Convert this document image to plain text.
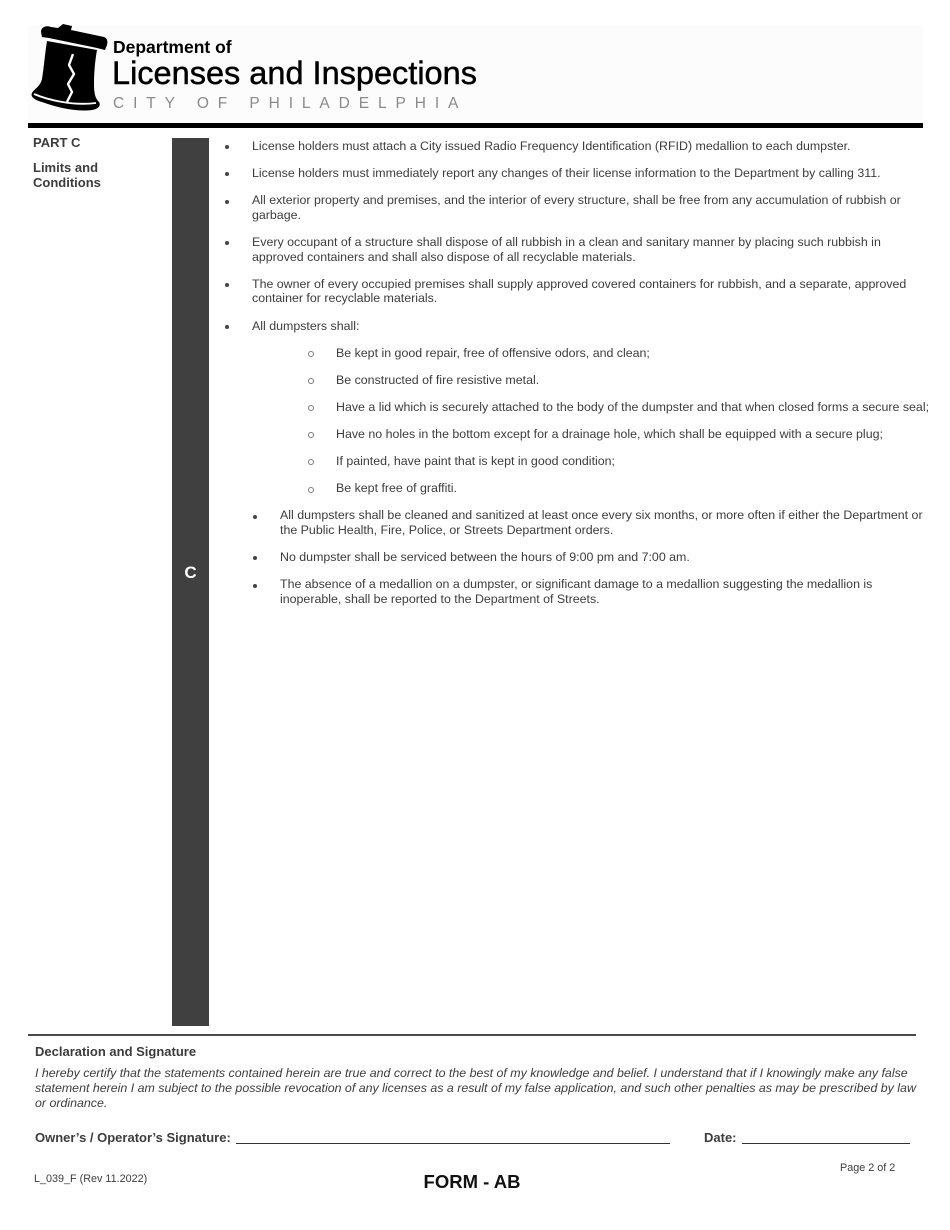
Department of
Licenses and Inspections
CITY OF PHILADELPHIA
PART C
Limits and Conditions
C
License holders must attach a City issued Radio Frequency Identification (RFID) medallion to each dumpster.
License holders must immediately report any changes of their license information to the Department by calling 311.
All exterior property and premises, and the interior of every structure, shall be free from any accumulation of rubbish or garbage.
Every occupant of a structure shall dispose of all rubbish in a clean and sanitary manner by placing such rubbish in approved containers and shall also dispose of all recyclable materials.
The owner of every occupied premises shall supply approved covered containers for rubbish, and a separate, approved container for recyclable materials.
All dumpsters shall:
Be kept in good repair, free of offensive odors, and clean;
Be constructed of fire resistive metal.
Have a lid which is securely attached to the body of the dumpster and that when closed forms a secure seal;
Have no holes in the bottom except for a drainage hole, which shall be equipped with a secure plug;
If painted, have paint that is kept in good condition;
Be kept free of graffiti.
All dumpsters shall be cleaned and sanitized at least once every six months, or more often if either the Department or the Public Health, Fire, Police, or Streets Department orders.
No dumpster shall be serviced between the hours of 9:00 pm and 7:00 am.
The absence of a medallion on a dumpster, or significant damage to a medallion suggesting the medallion is inoperable, shall be reported to the Department of Streets.
Declaration and Signature
I hereby certify that the statements contained herein are true and correct to the best of my knowledge and belief. I understand that if I knowingly make any false statement herein I am subject to the possible revocation of any licenses as a result of my false application, and such other penalties as may be prescribed by law or ordinance.
Owner’s / Operator’s Signature:	Date:
L_039_F (Rev 11.2022)	FORM - AB
Page 2 of 2
